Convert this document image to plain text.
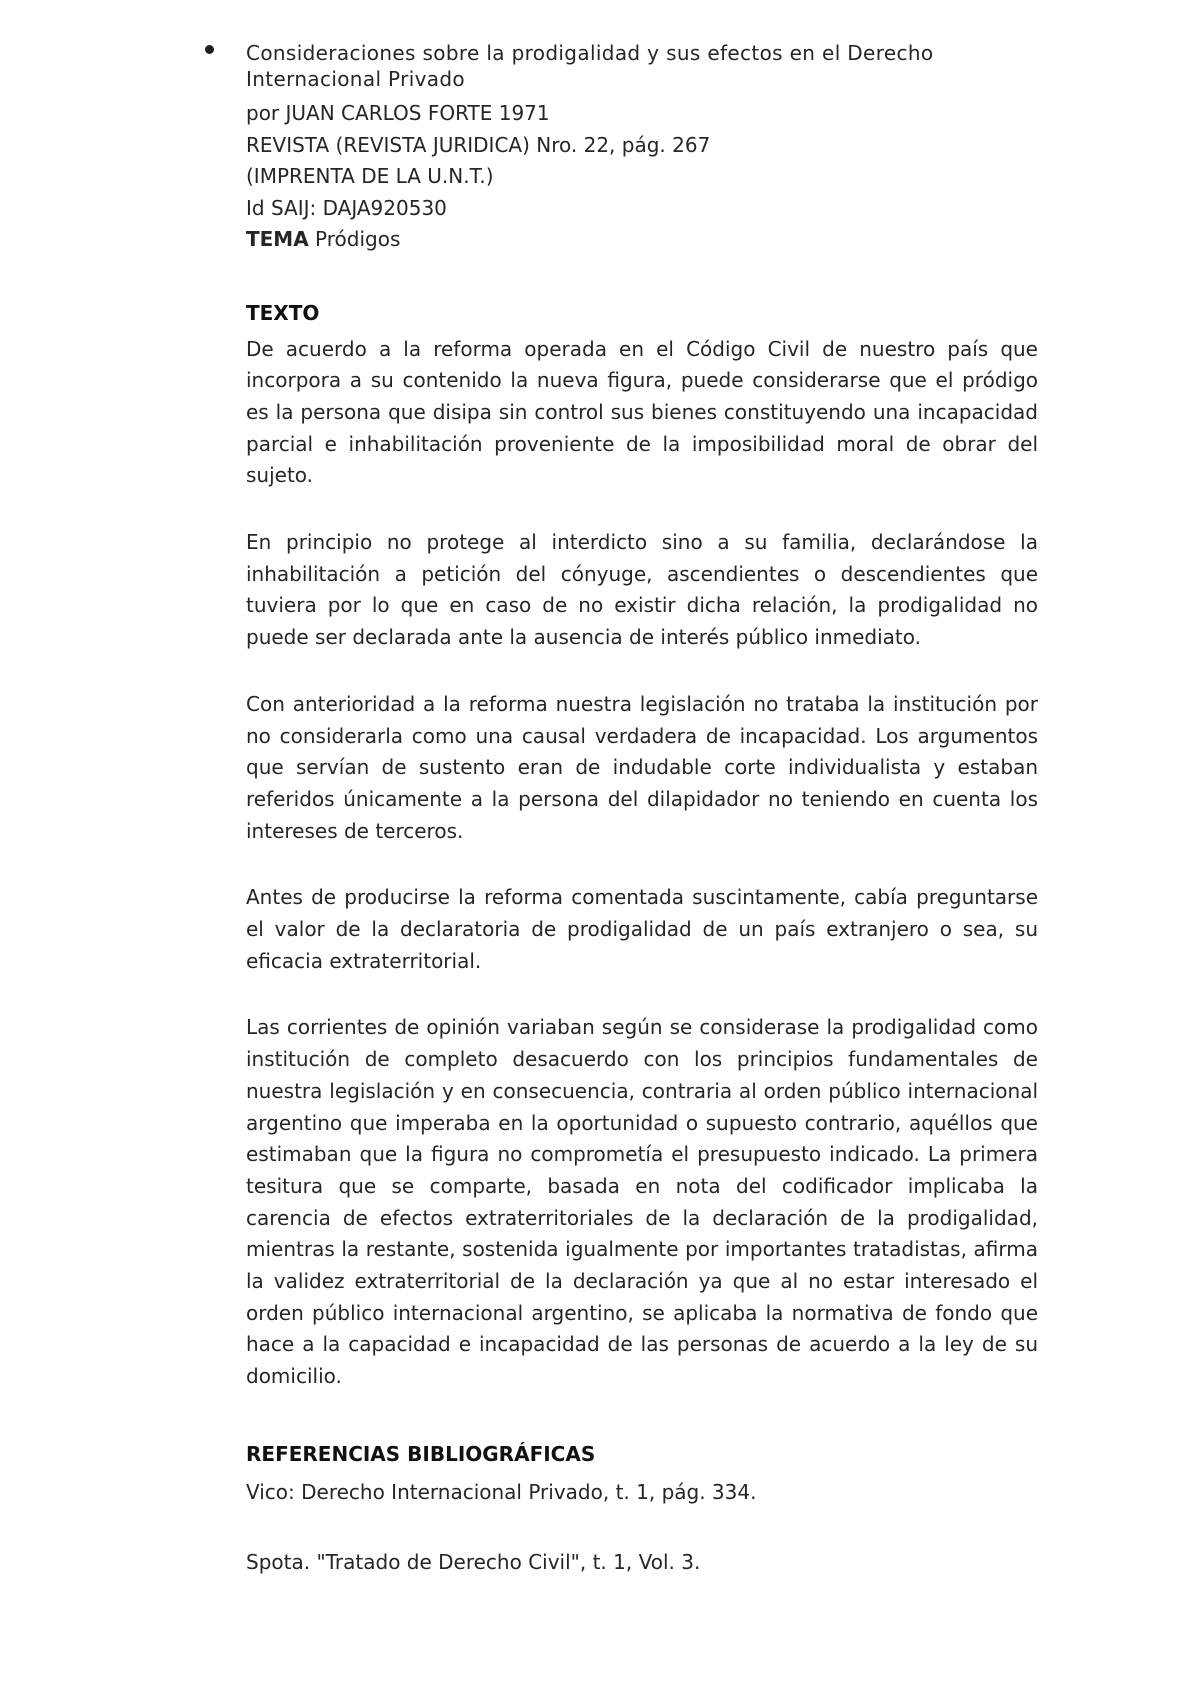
Consideraciones sobre la prodigalidad y sus efectos en el Derecho Internacional Privado

por JUAN CARLOS FORTE 1971
REVISTA (REVISTA JURIDICA) Nro. 22, pág. 267
(IMPRENTA DE LA U.N.T.)
Id SAIJ: DAJA920530
TEMA Pródigos
TEXTO

De acuerdo a la reforma operada en el Código Civil de nuestro país que incorpora a su contenido la nueva figura, puede considerarse que el pródigo es la persona que disipa sin control sus bienes constituyendo una incapacidad parcial e inhabilitación proveniente de la imposibilidad moral de obrar del sujeto.

En principio no protege al interdicto sino a su familia, declarándose la inhabilitación a petición del cónyuge, ascendientes o descendientes que tuviera por lo que en caso de no existir dicha relación, la prodigalidad no puede ser declarada ante la ausencia de interés público inmediato.

Con anterioridad a la reforma nuestra legislación no trataba la institución por no considerarla como una causal verdadera de incapacidad. Los argumentos que servían de sustento eran de indudable corte individualista y estaban referidos únicamente a la persona del dilapidador no teniendo en cuenta los intereses de terceros.

Antes de producirse la reforma comentada suscintamente, cabía preguntarse el valor de la declaratoria de prodigalidad de un país extranjero o sea, su eficacia extraterritorial.

Las corrientes de opinión variaban según se considerase la prodigalidad como institución de completo desacuerdo con los principios fundamentales de nuestra legislación y en consecuencia, contraria al orden público internacional argentino que imperaba en la oportunidad o supuesto contrario, aquéllos que estimaban que la figura no comprometía el presupuesto indicado. La primera tesitura que se comparte, basada en nota del codificador implicaba la carencia de efectos extraterritoriales de la declaración de la prodigalidad, mientras la restante, sostenida igualmente por importantes tratadistas, afirma la validez extraterritorial de la declaración ya que al no estar interesado el orden público internacional argentino, se aplicaba la normativa de fondo que hace a la capacidad e incapacidad de las personas de acuerdo a la ley de su domicilio.

REFERENCIAS BIBLIOGRÁFICAS

Vico: Derecho Internacional Privado, t. 1, pág. 334.

Spota. "Tratado de Derecho Civil", t. 1, Vol. 3.
